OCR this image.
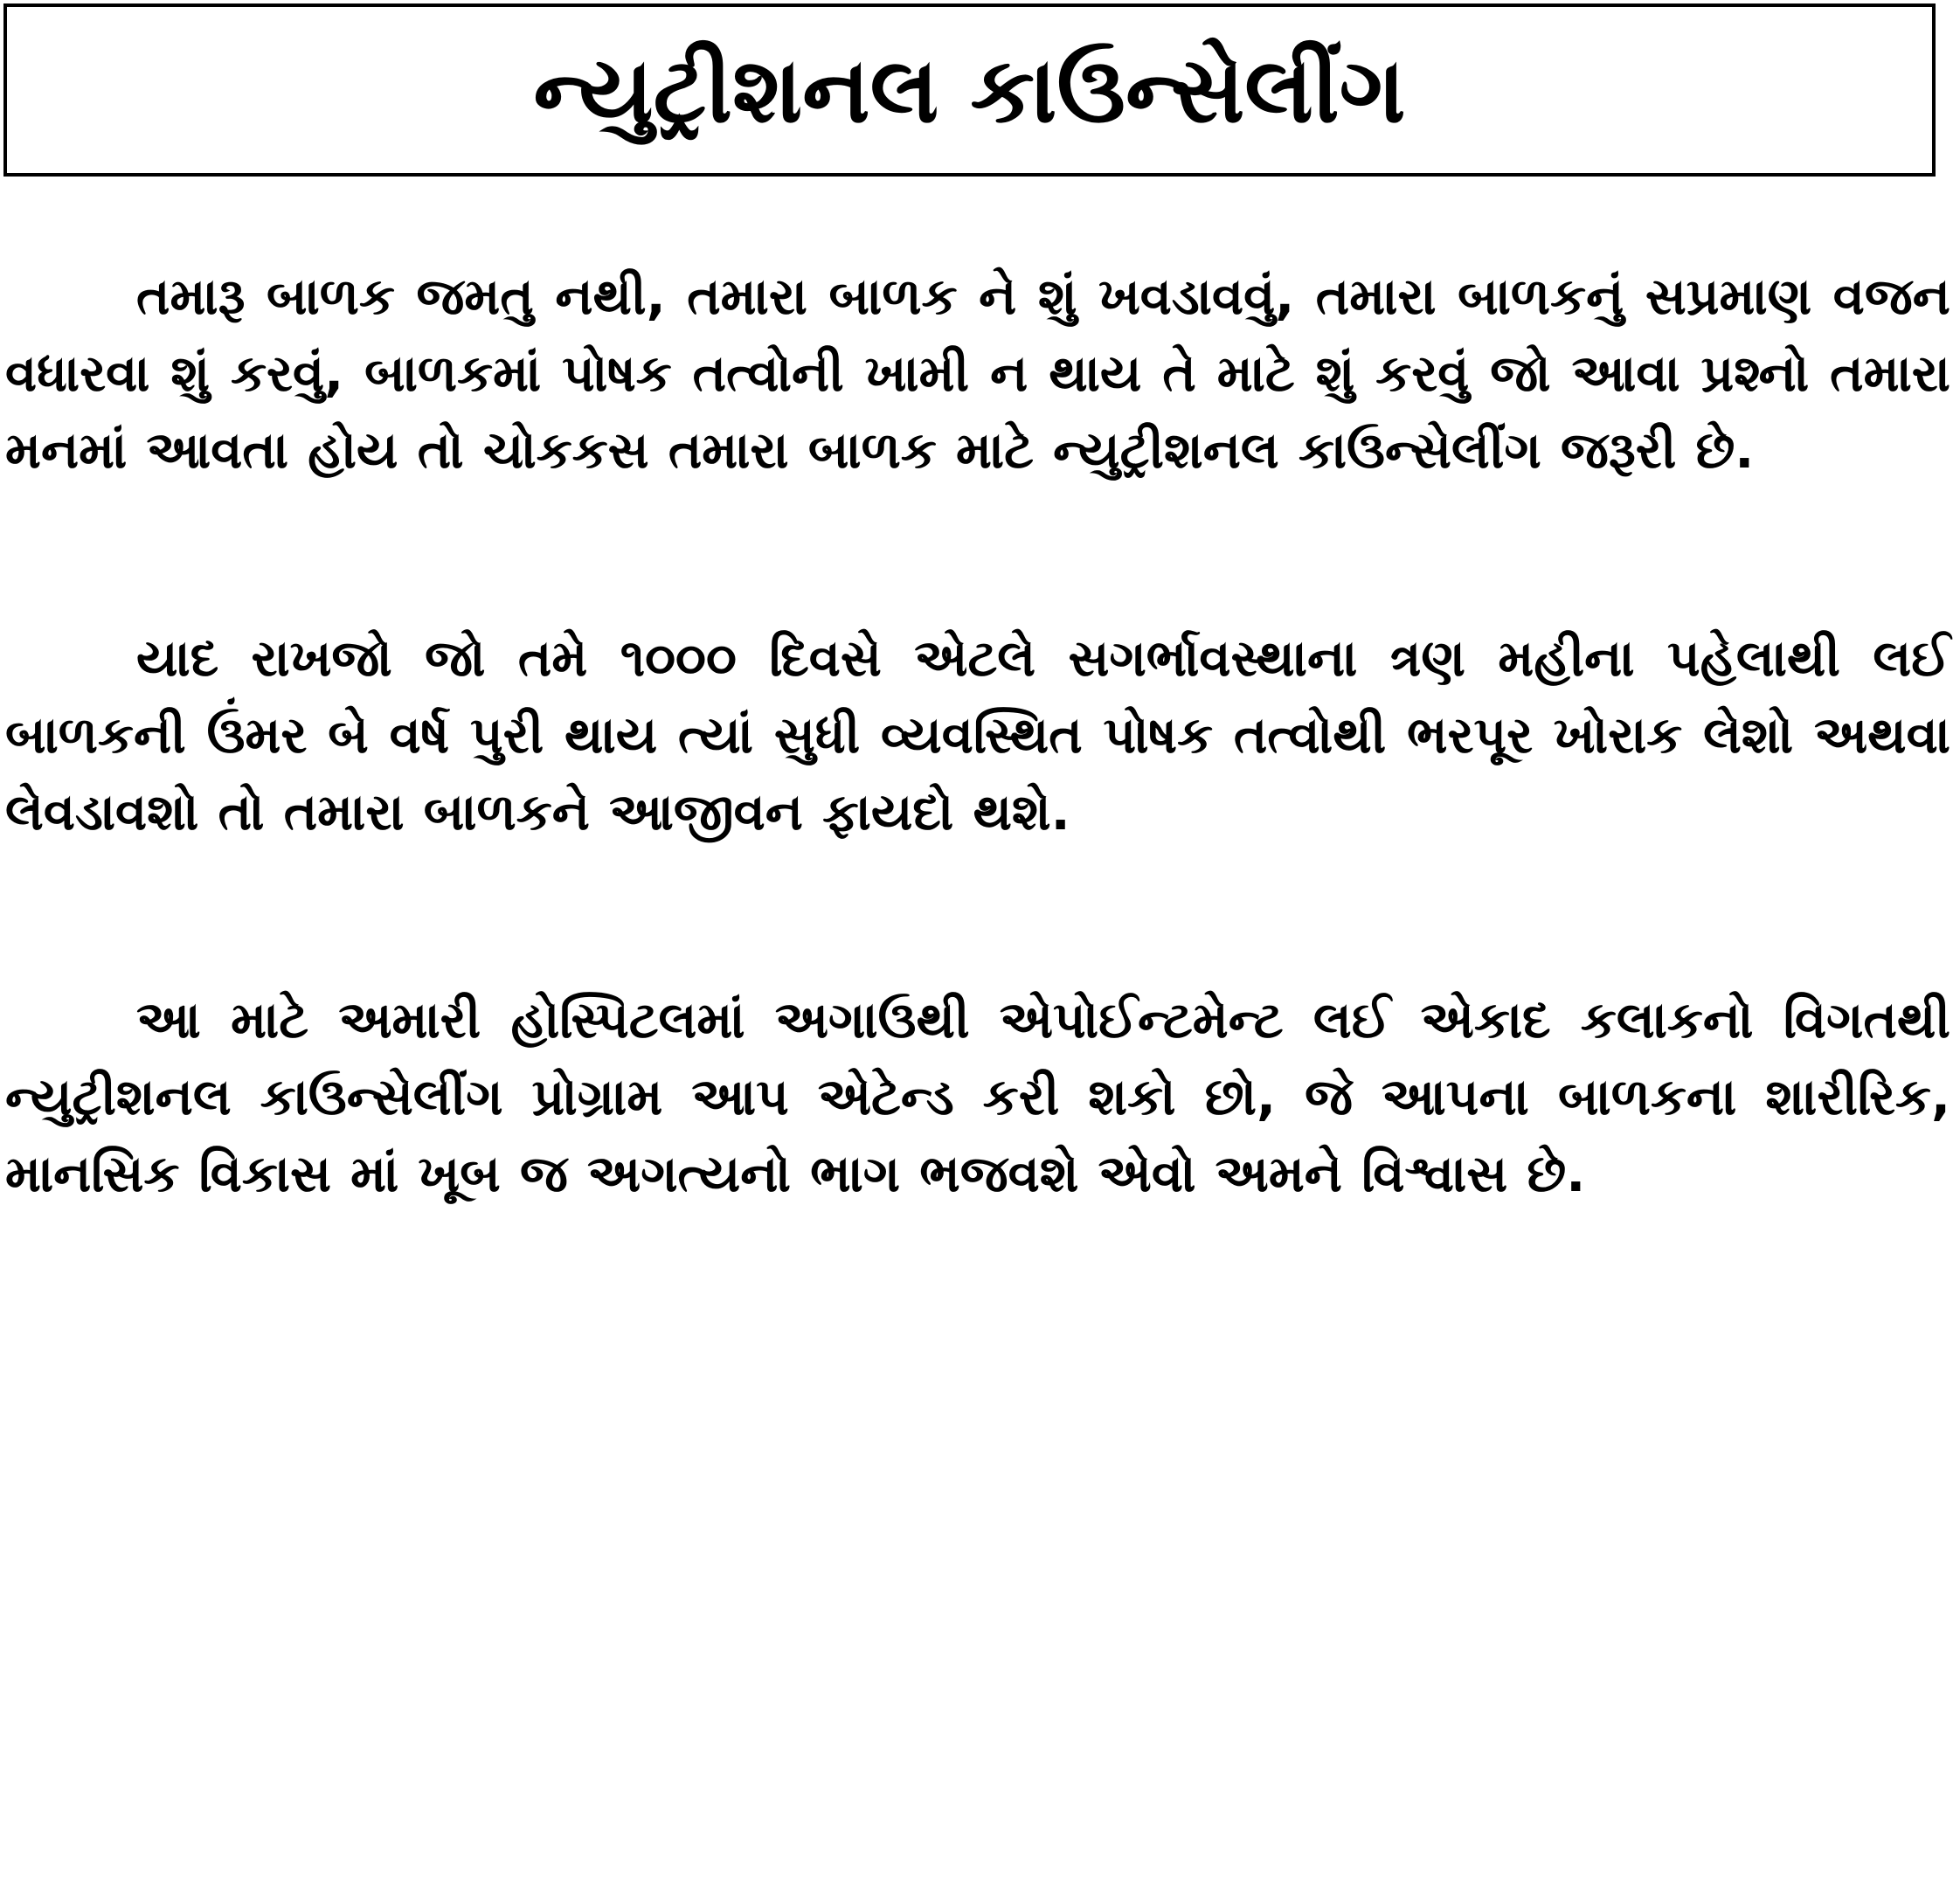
ન્યુટ્રીશનલ કાઉન્સેલીંગ

તમારૂ બાળક જમતુ નથી, તમારા બાળક ને શું ખવડાવવું, તમારા બાળકનું સપ્રમાણ વજન વધારવા શું કરવું, બાળકમાં પોષક તત્વોની ખામી ન થાય તે માટે શું કરવું જો આવા પ્રશ્નો તમારા મનમાં આવતા હોય તો ચોકકસ તમારા બાળક માટે ન્યુટ્રીશનલ કાઉન્સેલીંગ જરૂરી છે.

યાદ રાખજો જો તમે ૧૦૦૦ દિવસે એટલે સગર્ભાવસ્થાના ત્રણ મહીના પહેલાથી લઈ બાળકની ઉંમર બે વર્ષ પુરી થાય ત્યાં સુધી વ્યવસ્થિત પોષક તત્વોથી ભરપૂર ખોરાક લેશો અથવા લેવડાવશો તો તમારા બાળકને આજીવન ફાયદો થશે.

આ માટે અમારી હોસ્પિટલમાં અગાઉથી એપોઈન્ટમેન્ટ લઈ એકાદ કલાકનો વિગતથી ન્યુટ્રીશનલ કાઉન્સેલીંગ પ્રોગ્રામ આપ એટેન્ડ કરી શકો છો, જે આપના બાળકના શારીરિક, માનસિક વિકાસ માં ખૂબ જ અગત્યનો ભાગ ભજવશે એવો અમને વિશ્વાસ છે.
